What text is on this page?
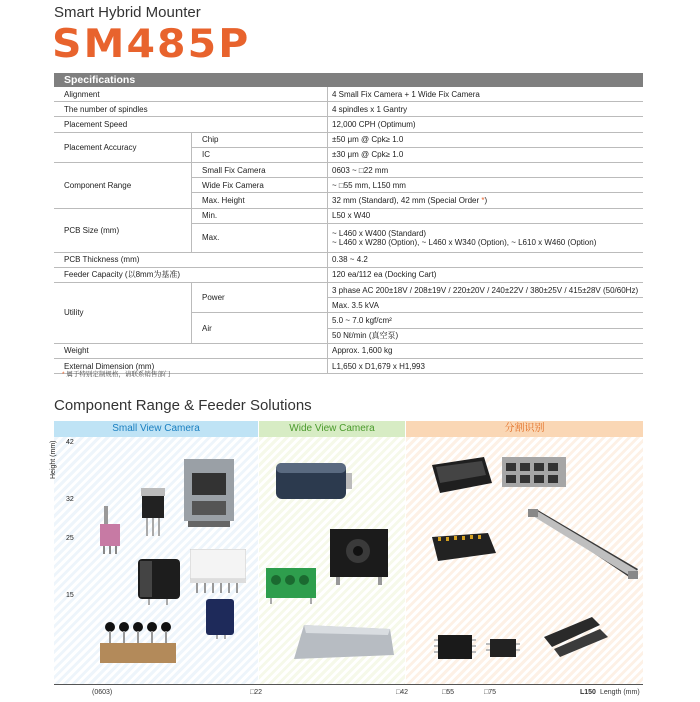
Smart Hybrid Mounter
SM485P
Specifications
Alignment		4 Small Fix Camera + 1 Wide Fix Camera
The number of spindles		4 spindles x 1 Gantry
Placement Speed		12,000 CPH (Optimum)
Placement Accuracy	Chip	±50 μm @ Cpk≥ 1.0
	IC	±30 μm @ Cpk≥ 1.0
Component Range	Small Fix Camera	0603 ~ □22 mm
	Wide Fix Camera	~ □55 mm, L150 mm
	Max. Height	32 mm (Standard), 42 mm (Special Order *)
PCB Size (mm)	Min.	L50 x W40
	Max.	~ L460 x W400 (Standard)
~ L460 x W280 (Option), ~ L460 x W340 (Option), ~ L610 x W460 (Option)

PCB Thickness (mm)		0.38 ~ 4.2
Feeder Capacity (以8mm为基准)		120 ea/112 ea (Docking Cart)
Utility	Power	3 phase AC 200±18V / 208±19V / 220±20V / 240±22V / 380±25V / 415±28V (50/60Hz)
		Max. 3.5 kVA
	Air	5.0 ~ 7.0 kgf/cm²
		50 Nℓ/min (真空泵)
Weight		Approx. 1,600 kg
External Dimension (mm)		L1,650 x D1,679 x H1,993
* 属于特别定制规格，请联系销售部门
Component Range & Feeder Solutions
Small View Camera	Wide View Camera	分割识别
Height (mm) 42
32
25
15
(0603)	□22	□42	□55	□75	L150 Length (mm)
